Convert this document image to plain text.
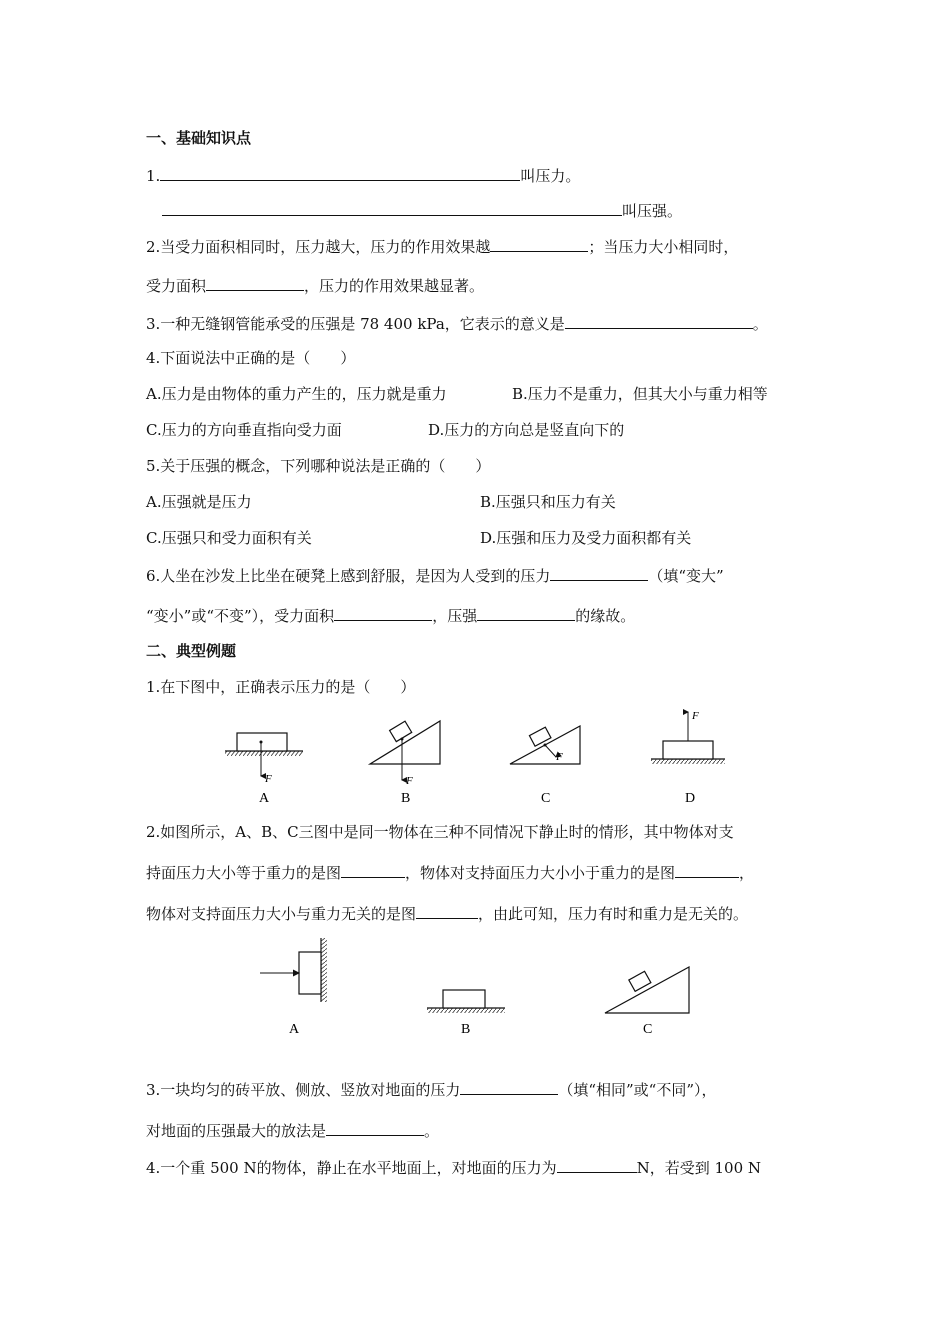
一、基础知识点
1.	叫压力。
叫压强。
2.当受力面积相同时，压力越大，压力的作用效果越	；当压力大小相同时，
受力面积	，压力的作用效果越显著。
3.一种无缝钢管能承受的压强是 78 400 kPa，它表示的意义是	。
4.下面说法中正确的是（　　）
A.压力是由物体的重力产生的，压力就是重力	B.压力不是重力，但其大小与重力相等
C.压力的方向垂直指向受力面	D.压力的方向总是竖直向下的
5.关于压强的概念，下列哪种说法是正确的（　　）
A.压强就是压力	B.压强只和压力有关
C.压强只和受力面积有关	D.压强和压力及受力面积都有关
6.人坐在沙发上比坐在硬凳上感到舒服，是因为人受到的压力	（填“变大”
“变小”或“不变”），受力面积	，压强	的缘故。
二、典型例题
1.在下图中，正确表示压力的是（　　）
F	F
F
F
A	B	C	D
2.如图所示，A、B、C三图中是同一物体在三种不同情况下静止时的情形，其中物体对支
持面压力大小等于重力的是图	，物体对支持面压力大小小于重力的是图	，
物体对支持面压力大小与重力无关的是图	，由此可知，压力有时和重力是无关的。
A	B	C
3.一块均匀的砖平放、侧放、竖放对地面的压力	（填“相同”或“不同”），
对地面的压强最大的放法是	。
4.一个重 500 N的物体，静止在水平地面上，对地面的压力为	N，若受到 100 N
